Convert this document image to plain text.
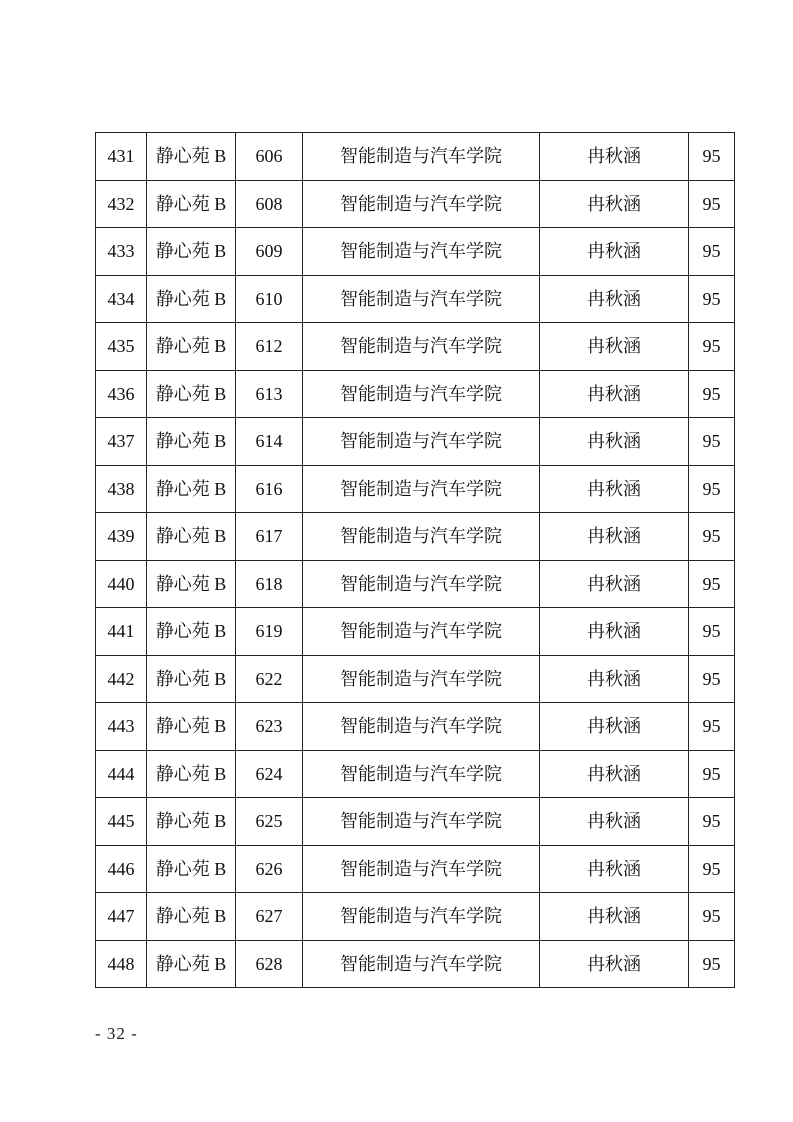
431	静心苑 B	606	智能制造与汽车学院	冉秋涵	95
432	静心苑 B	608	智能制造与汽车学院	冉秋涵	95
433	静心苑 B	609	智能制造与汽车学院	冉秋涵	95
434	静心苑 B	610	智能制造与汽车学院	冉秋涵	95
435	静心苑 B	612	智能制造与汽车学院	冉秋涵	95
436	静心苑 B	613	智能制造与汽车学院	冉秋涵	95
437	静心苑 B	614	智能制造与汽车学院	冉秋涵	95
438	静心苑 B	616	智能制造与汽车学院	冉秋涵	95
439	静心苑 B	617	智能制造与汽车学院	冉秋涵	95
440	静心苑 B	618	智能制造与汽车学院	冉秋涵	95
441	静心苑 B	619	智能制造与汽车学院	冉秋涵	95
442	静心苑 B	622	智能制造与汽车学院	冉秋涵	95
443	静心苑 B	623	智能制造与汽车学院	冉秋涵	95
444	静心苑 B	624	智能制造与汽车学院	冉秋涵	95
445	静心苑 B	625	智能制造与汽车学院	冉秋涵	95
446	静心苑 B	626	智能制造与汽车学院	冉秋涵	95
447	静心苑 B	627	智能制造与汽车学院	冉秋涵	95
448	静心苑 B	628	智能制造与汽车学院	冉秋涵	95
- 32 -
